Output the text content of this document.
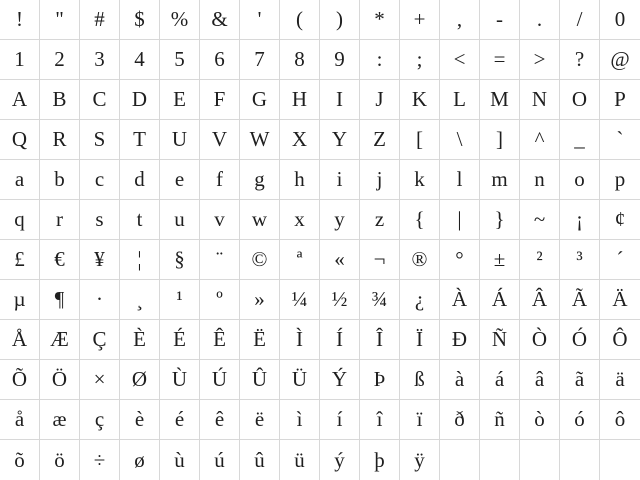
!	"	#	$	%	&	'	(	)	*	+	,	-	.	/	0
1	2	3	4	5	6	7	8	9	:	;	<	=	>	?	@
A	B	C	D	E	F	G	H	I	J	K	L	M	N	O	P
Q	R	S	T	U	V	W	X	Y	Z	[	\	]	^	_	`
a	b	c	d	e	f	g	h	i	j	k	l	m	n	o	p
q	r	s	t	u	v	w	x	y	z	{	|	}	~	¡	¢
£	€	¥	¦	§	¨	©	ª	«	¬	®	°	±	²	³	´
µ	¶	·	¸	¹	º	»	¼	½	¾	¿	À	Á	Â	Ã	Ä
Å	Æ	Ç	È	É	Ê	Ë	Ì	Í	Î	Ï	Ð	Ñ	Ò	Ó	Ô
Õ	Ö	×	Ø	Ù	Ú	Û	Ü	Ý	Þ	ß	à	á	â	ã	ä
å	æ	ç	è	é	ê	ë	ì	í	î	ï	ð	ñ	ò	ó	ô
õ	ö	÷	ø	ù	ú	û	ü	ý	þ	ÿ
